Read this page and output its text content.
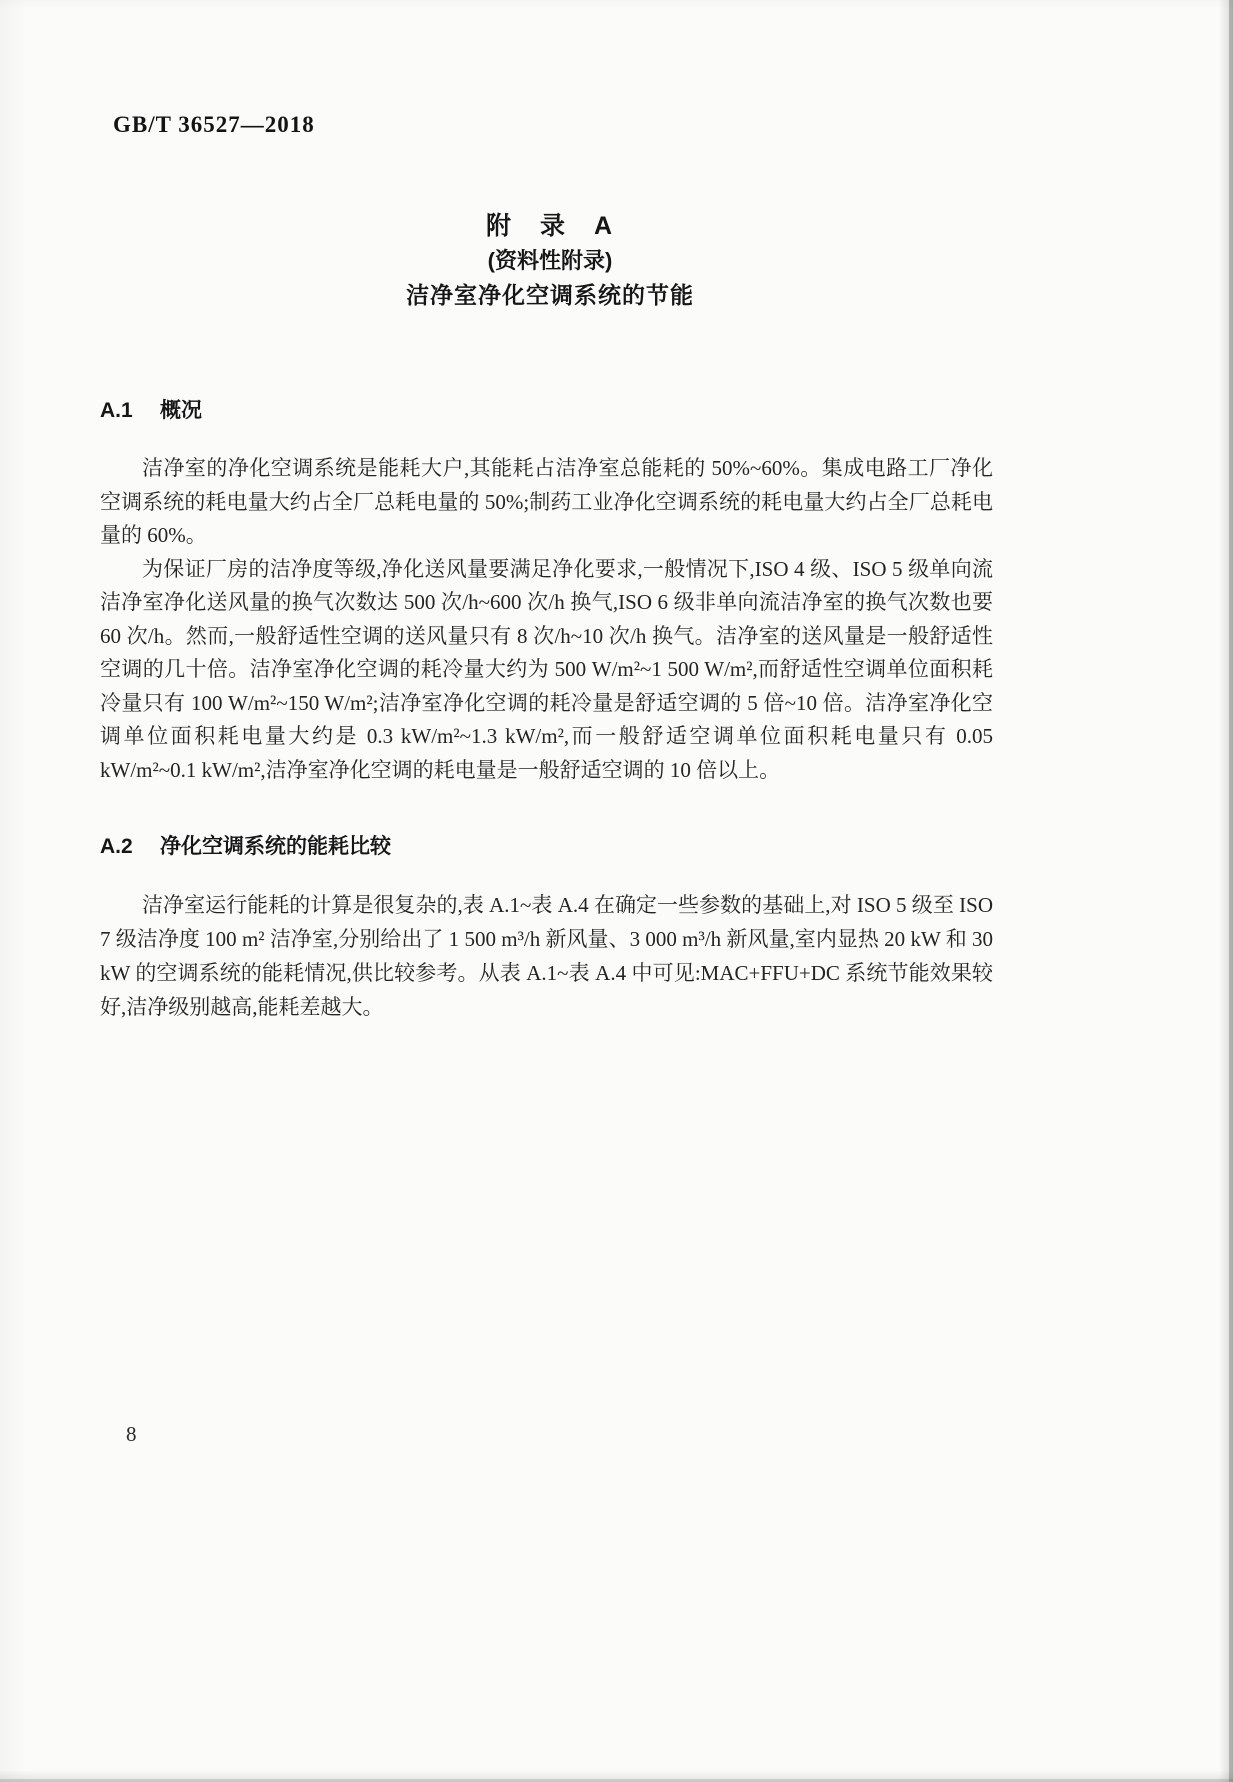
GB/T 36527—2018
附　录　A
(资料性附录)
洁净室净化空调系统的节能
A.1 概况

洁净室的净化空调系统是能耗大户,其能耗占洁净室总能耗的 50%~60%。集成电路工厂净化空调系统的耗电量大约占全厂总耗电量的 50%;制药工业净化空调系统的耗电量大约占全厂总耗电量的 60%。

为保证厂房的洁净度等级,净化送风量要满足净化要求,一般情况下,ISO 4 级、ISO 5 级单向流洁净室净化送风量的换气次数达 500 次/h~600 次/h 换气,ISO 6 级非单向流洁净室的换气次数也要 60 次/h。然而,一般舒适性空调的送风量只有 8 次/h~10 次/h 换气。洁净室的送风量是一般舒适性空调的几十倍。洁净室净化空调的耗冷量大约为 500 W/m²~1 500 W/m²,而舒适性空调单位面积耗冷量只有 100 W/m²~150 W/m²;洁净室净化空调的耗冷量是舒适空调的 5 倍~10 倍。洁净室净化空调单位面积耗电量大约是 0.3 kW/m²~1.3 kW/m²,而一般舒适空调单位面积耗电量只有 0.05 kW/m²~0.1 kW/m²,洁净室净化空调的耗电量是一般舒适空调的 10 倍以上。

A.2 净化空调系统的能耗比较

洁净室运行能耗的计算是很复杂的,表 A.1~表 A.4 在确定一些参数的基础上,对 ISO 5 级至 ISO 7 级洁净度 100 m² 洁净室,分别给出了 1 500 m³/h 新风量、3 000 m³/h 新风量,室内显热 20 kW 和 30 kW 的空调系统的能耗情况,供比较参考。从表 A.1~表 A.4 中可见:MAC+FFU+DC 系统节能效果较好,洁净级别越高,能耗差越大。

8
